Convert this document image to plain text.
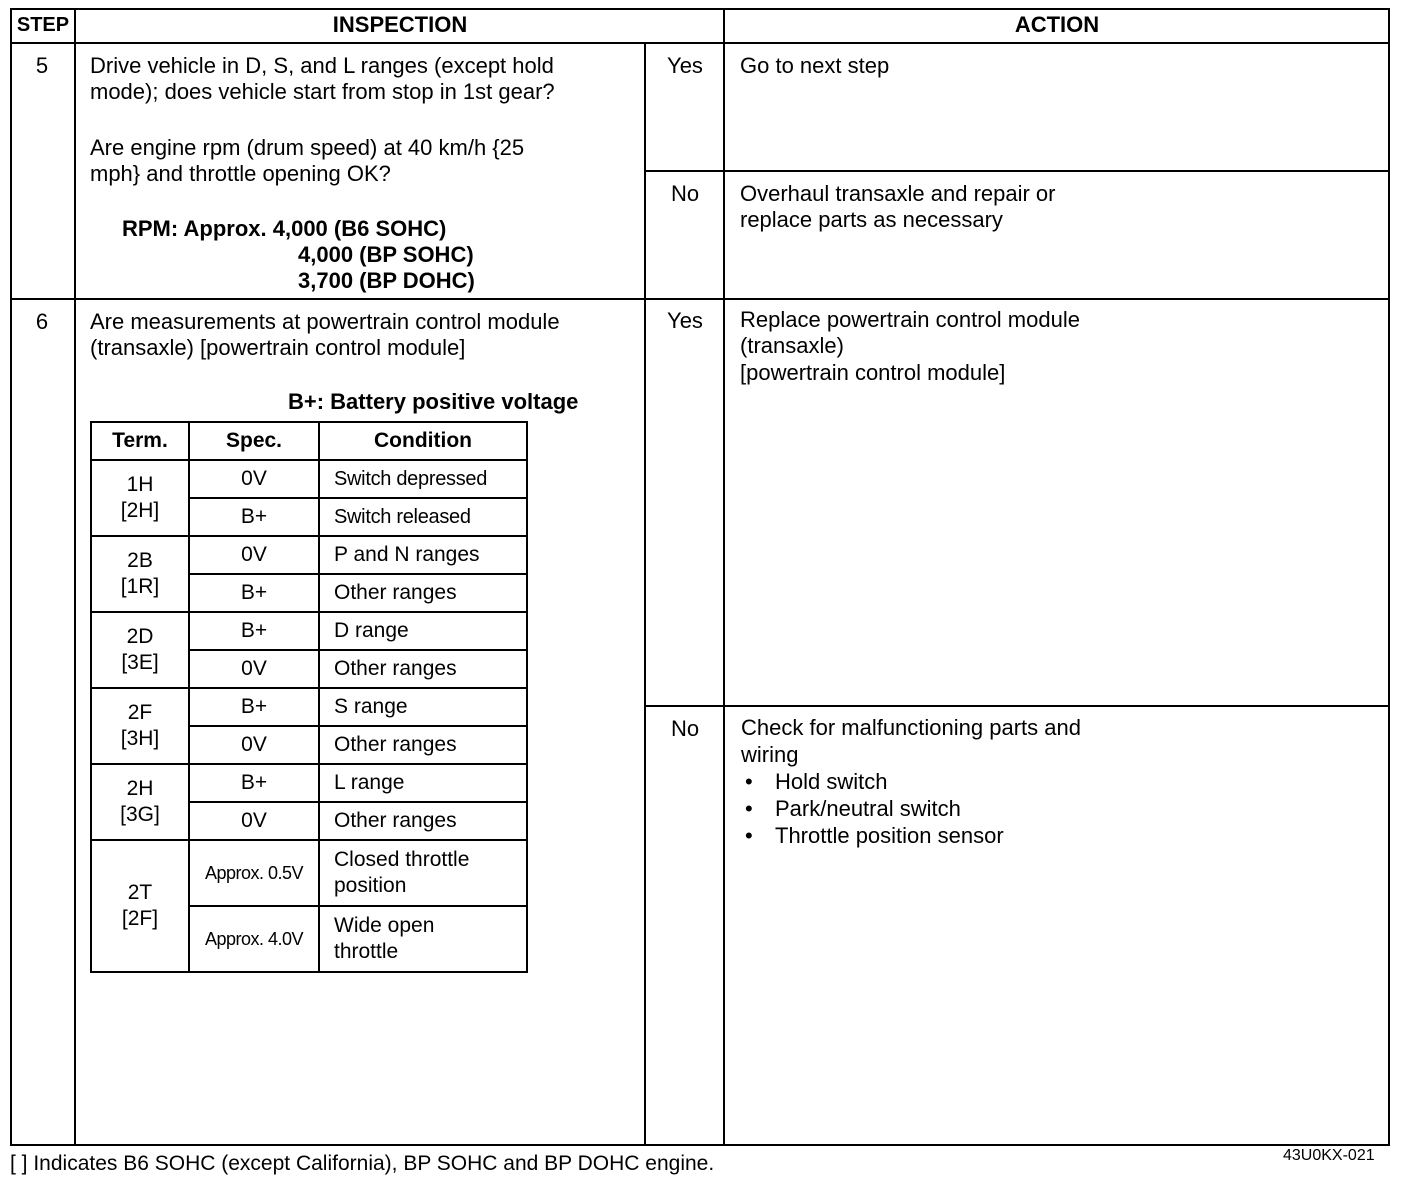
STEP	INSPECTION	ACTION
5	Drive vehicle in D, S, and L ranges (except hold
mode); does vehicle start from stop in 1st gear?
Are engine rpm (drum speed) at 40 km/h {25
mph} and throttle opening OK?
RPM: Approx. 4,000 (B6 SOHC)
4,000 (BP SOHC)
3,700 (BP DOHC)
Yes	Go to next step
No	Overhaul transaxle and repair or
replace parts as necessary
6	Are measurements at powertrain control module
(transaxle) [powertrain control module]
B+: Battery positive voltage
Term.	Spec.	Condition
1H
[2H]	0V	Switch depressed
	B+	Switch released
2B
[1R]	0V	P and N ranges
	B+	Other ranges
2D
[3E]	B+	D range
	0V	Other ranges
2F
[3H]	B+	S range
	0V	Other ranges
2H
[3G]	B+	L range
	0V	Other ranges
2T
[2F]	Approx. 0.5V	Closed throttle
position
	Approx. 4.0V	Wide open
throttle
Yes	Replace powertrain control module
(transaxle)
[powertrain control module]
No	Check for malfunctioning parts and
wiring
• Hold switch
• Park/neutral switch
• Throttle position sensor
[ ] Indicates B6 SOHC (except California), BP SOHC and BP DOHC engine.	43U0KX-021
